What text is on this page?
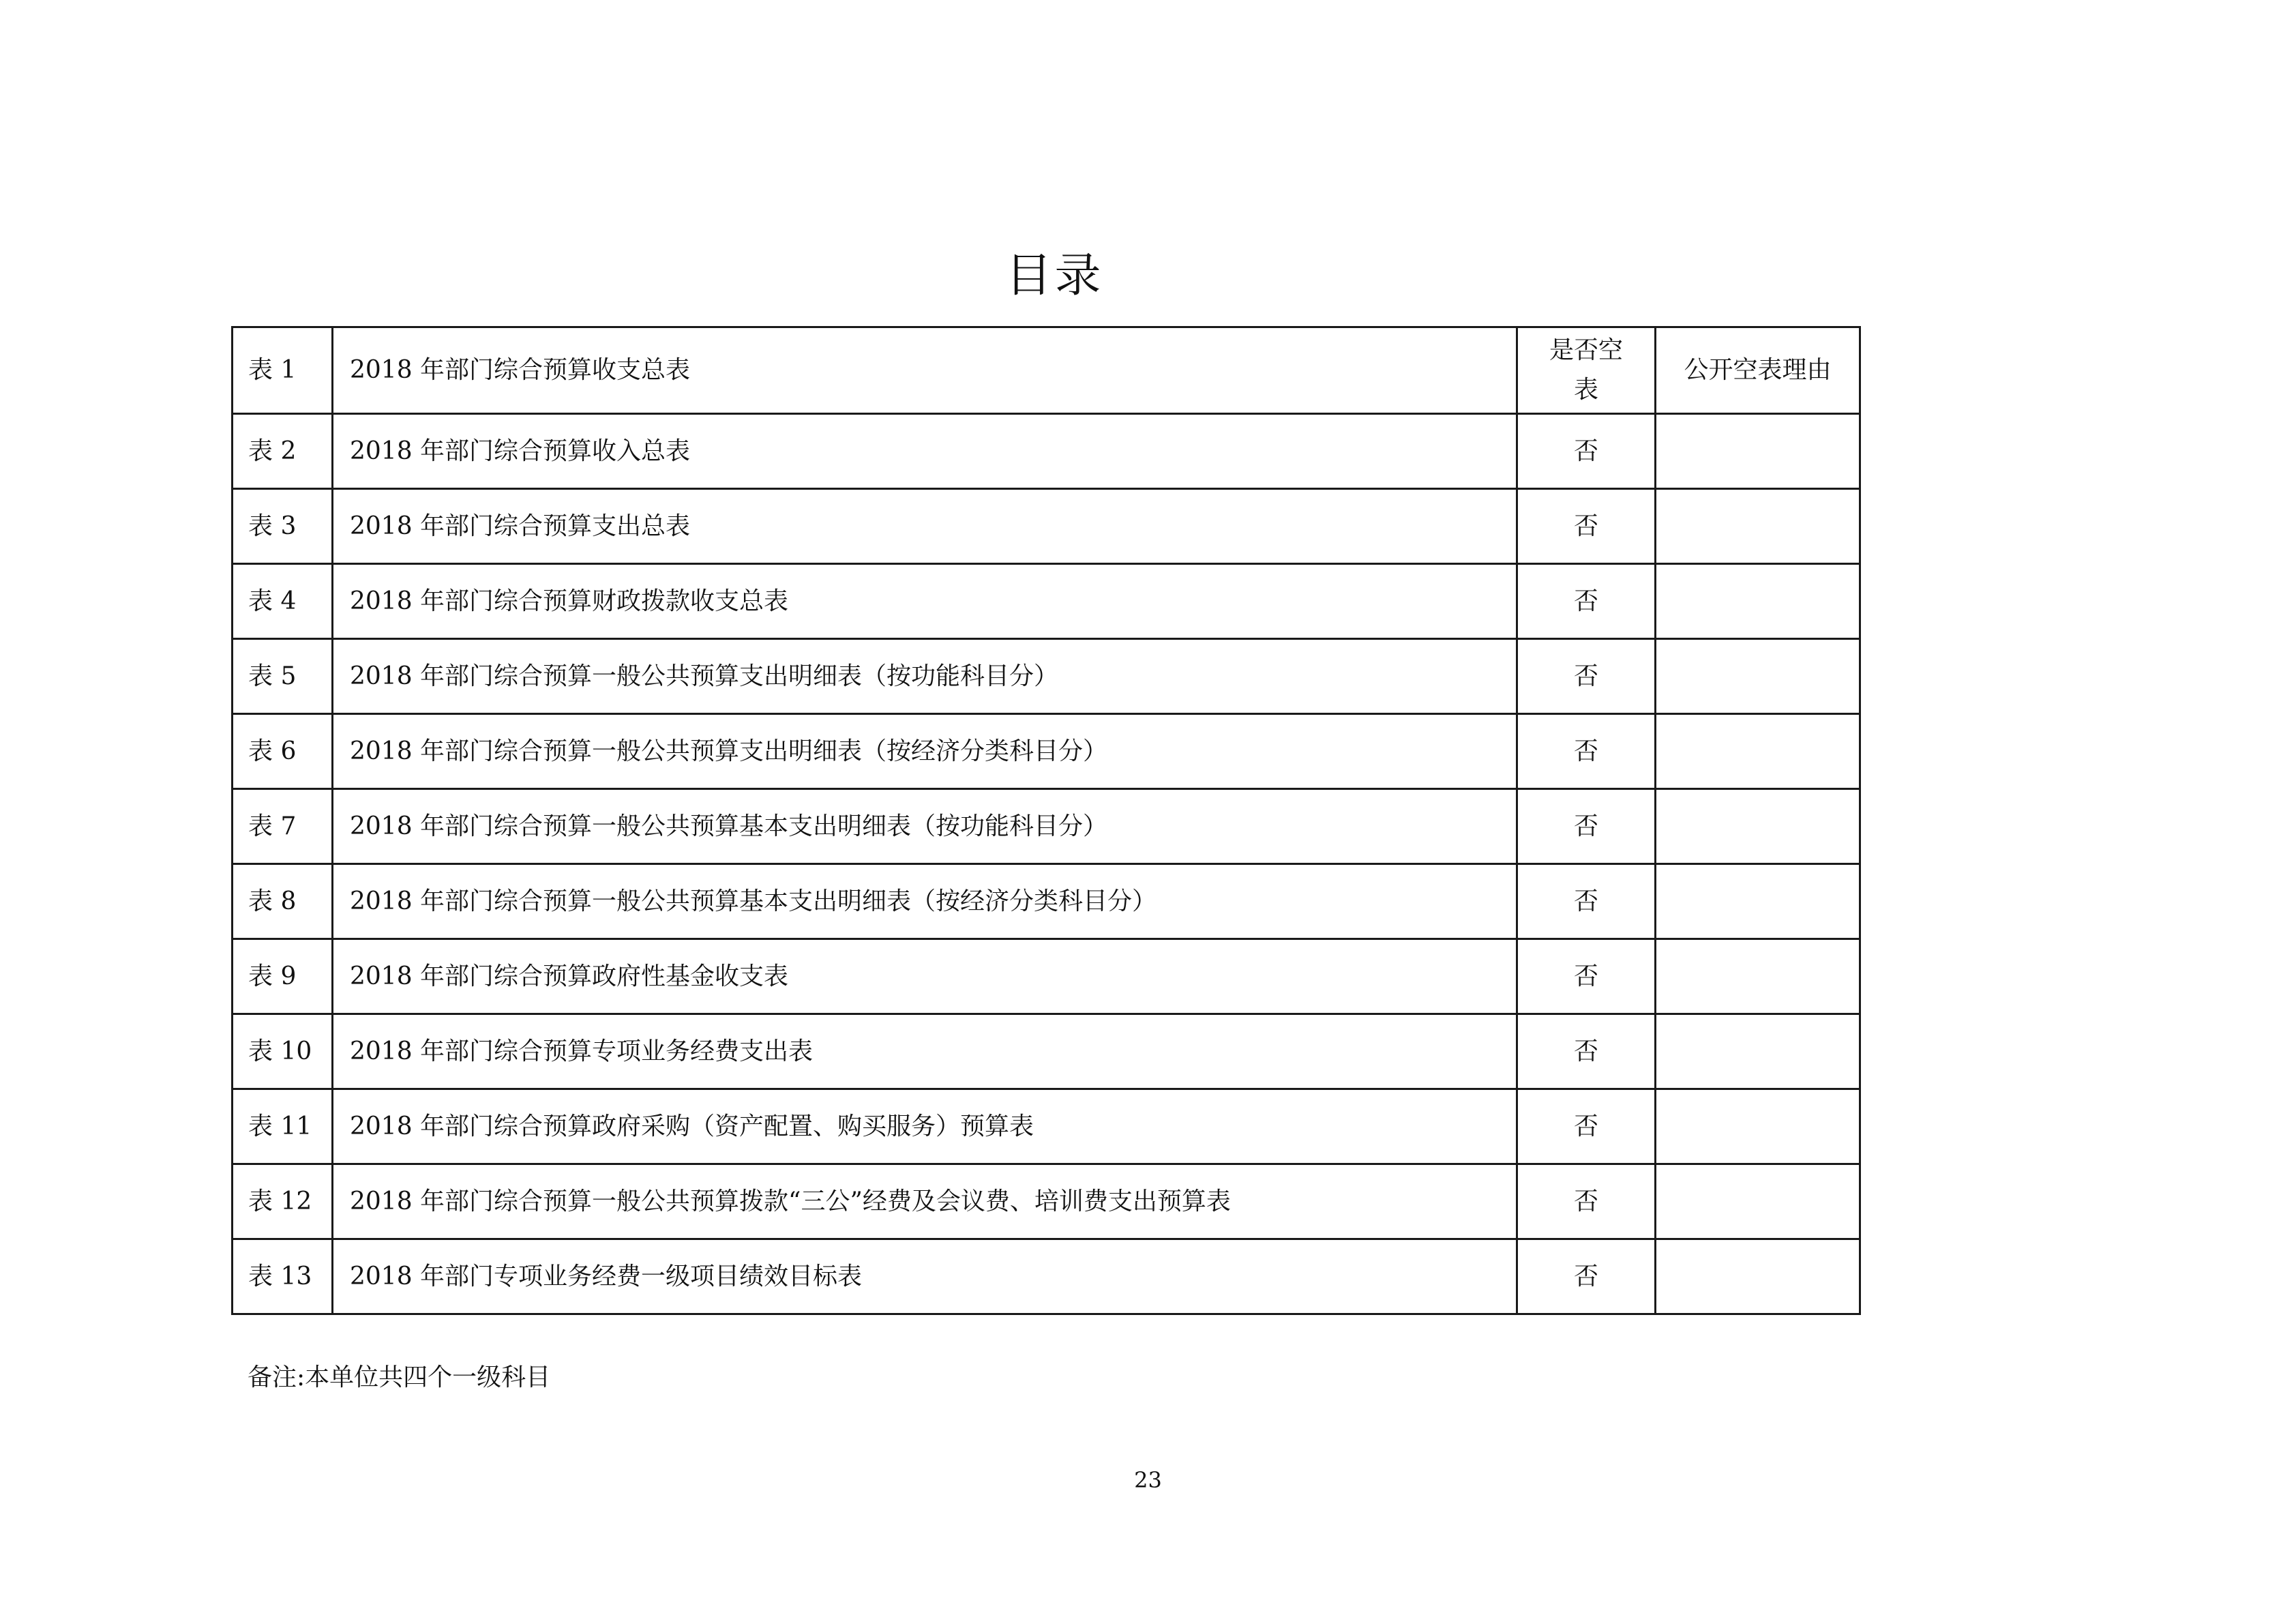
目录
表 1	2018 年部门综合预算收支总表	是否空表	公开空表理由
表 2	2018 年部门综合预算收入总表	否	
表 3	2018 年部门综合预算支出总表	否	
表 4	2018 年部门综合预算财政拨款收支总表	否	
表 5	2018 年部门综合预算一般公共预算支出明细表（按功能科目分）	否	
表 6	2018 年部门综合预算一般公共预算支出明细表（按经济分类科目分）	否	
表 7	2018 年部门综合预算一般公共预算基本支出明细表（按功能科目分）	否	
表 8	2018 年部门综合预算一般公共预算基本支出明细表（按经济分类科目分）	否	
表 9	2018 年部门综合预算政府性基金收支表	否	
表 10	2018 年部门综合预算专项业务经费支出表	否	
表 11	2018 年部门综合预算政府采购（资产配置、购买服务）预算表	否	
表 12	2018 年部门综合预算一般公共预算拨款“三公”经费及会议费、培训费支出预算表	否	
表 13	2018 年部门专项业务经费一级项目绩效目标表	否	
备注:本单位共四个一级科目
23
